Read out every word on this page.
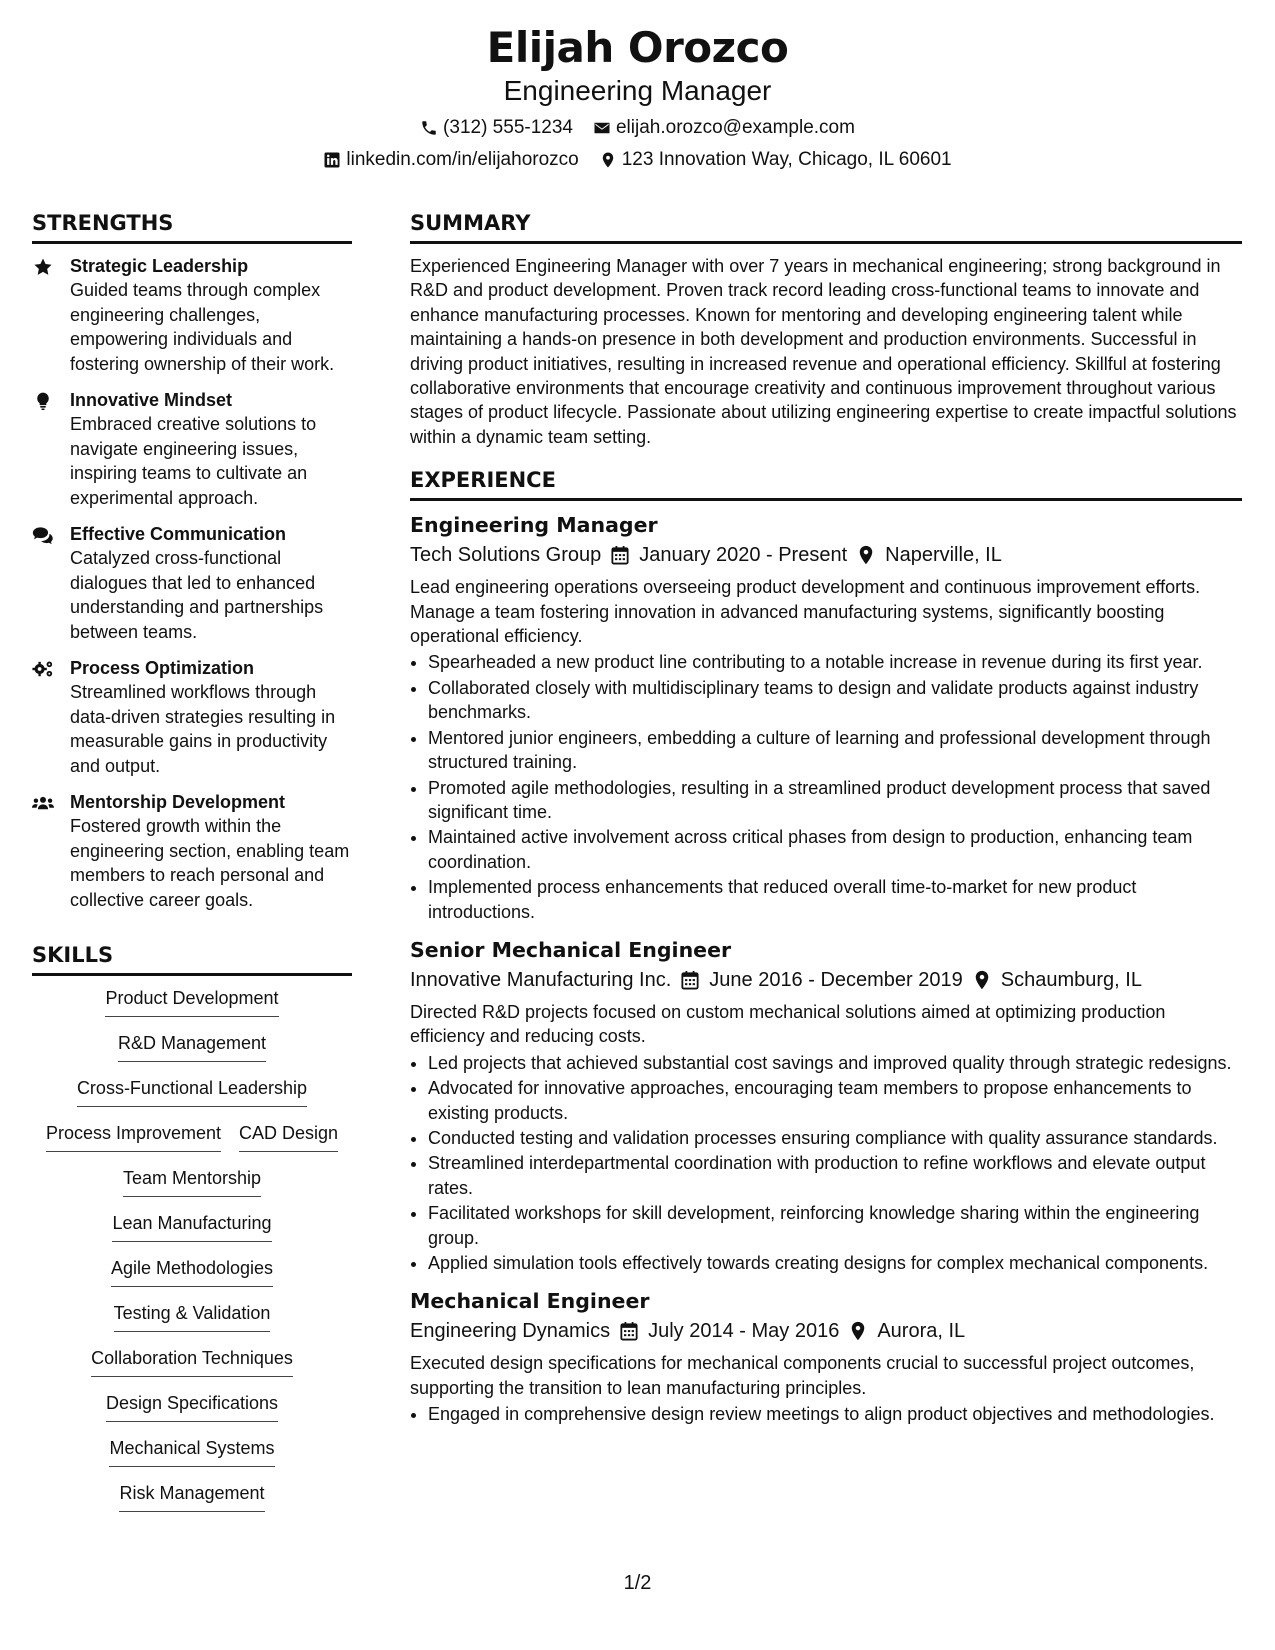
Elijah Orozco
Engineering Manager
(312) 555-1234 elijah.orozco@example.com
linkedin.com/in/elijahorozco 123 Innovation Way, Chicago, IL 60601
STRENGTHS
Strategic Leadership
Guided teams through complex engineering challenges, empowering individuals and fostering ownership of their work.
Innovative Mindset
Embraced creative solutions to navigate engineering issues, inspiring teams to cultivate an experimental approach.
Effective Communication
Catalyzed cross-functional dialogues that led to enhanced understanding and partnerships between teams.
Process Optimization
Streamlined workflows through data-driven strategies resulting in measurable gains in productivity and output.
Mentorship Development
Fostered growth within the engineering section, enabling team members to reach personal and collective career goals.
SKILLS
Product Development
R&D Management
Cross-Functional Leadership
Process Improvement CAD Design
Team Mentorship
Lean Manufacturing
Agile Methodologies
Testing & Validation
Collaboration Techniques
Design Specifications
Mechanical Systems
Risk Management
SUMMARY
Experienced Engineering Manager with over 7 years in mechanical engineering; strong background in R&D and product development. Proven track record leading cross-functional teams to innovate and enhance manufacturing processes. Known for mentoring and developing engineering talent while maintaining a hands-on presence in both development and production environments. Successful in driving product initiatives, resulting in increased revenue and operational efficiency. Skillful at fostering collaborative environments that encourage creativity and continuous improvement throughout various stages of product lifecycle. Passionate about utilizing engineering expertise to create impactful solutions within a dynamic team setting.
EXPERIENCE
Engineering Manager
Tech Solutions Group January 2020 - Present Naperville, IL
Lead engineering operations overseeing product development and continuous improvement efforts. Manage a team fostering innovation in advanced manufacturing systems, significantly boosting operational efficiency.
• Spearheaded a new product line contributing to a notable increase in revenue during its first year.
• Collaborated closely with multidisciplinary teams to design and validate products against industry benchmarks.
• Mentored junior engineers, embedding a culture of learning and professional development through structured training.
• Promoted agile methodologies, resulting in a streamlined product development process that saved significant time.
• Maintained active involvement across critical phases from design to production, enhancing team coordination.
• Implemented process enhancements that reduced overall time-to-market for new product introductions.
Senior Mechanical Engineer
Innovative Manufacturing Inc. June 2016 - December 2019 Schaumburg, IL
Directed R&D projects focused on custom mechanical solutions aimed at optimizing production efficiency and reducing costs.
• Led projects that achieved substantial cost savings and improved quality through strategic redesigns.
• Advocated for innovative approaches, encouraging team members to propose enhancements to existing products.
• Conducted testing and validation processes ensuring compliance with quality assurance standards.
• Streamlined interdepartmental coordination with production to refine workflows and elevate output rates.
• Facilitated workshops for skill development, reinforcing knowledge sharing within the engineering group.
• Applied simulation tools effectively towards creating designs for complex mechanical components.
Mechanical Engineer
Engineering Dynamics July 2014 - May 2016 Aurora, IL
Executed design specifications for mechanical components crucial to successful project outcomes, supporting the transition to lean manufacturing principles.
• Engaged in comprehensive design review meetings to align product objectives and methodologies.
1/2
